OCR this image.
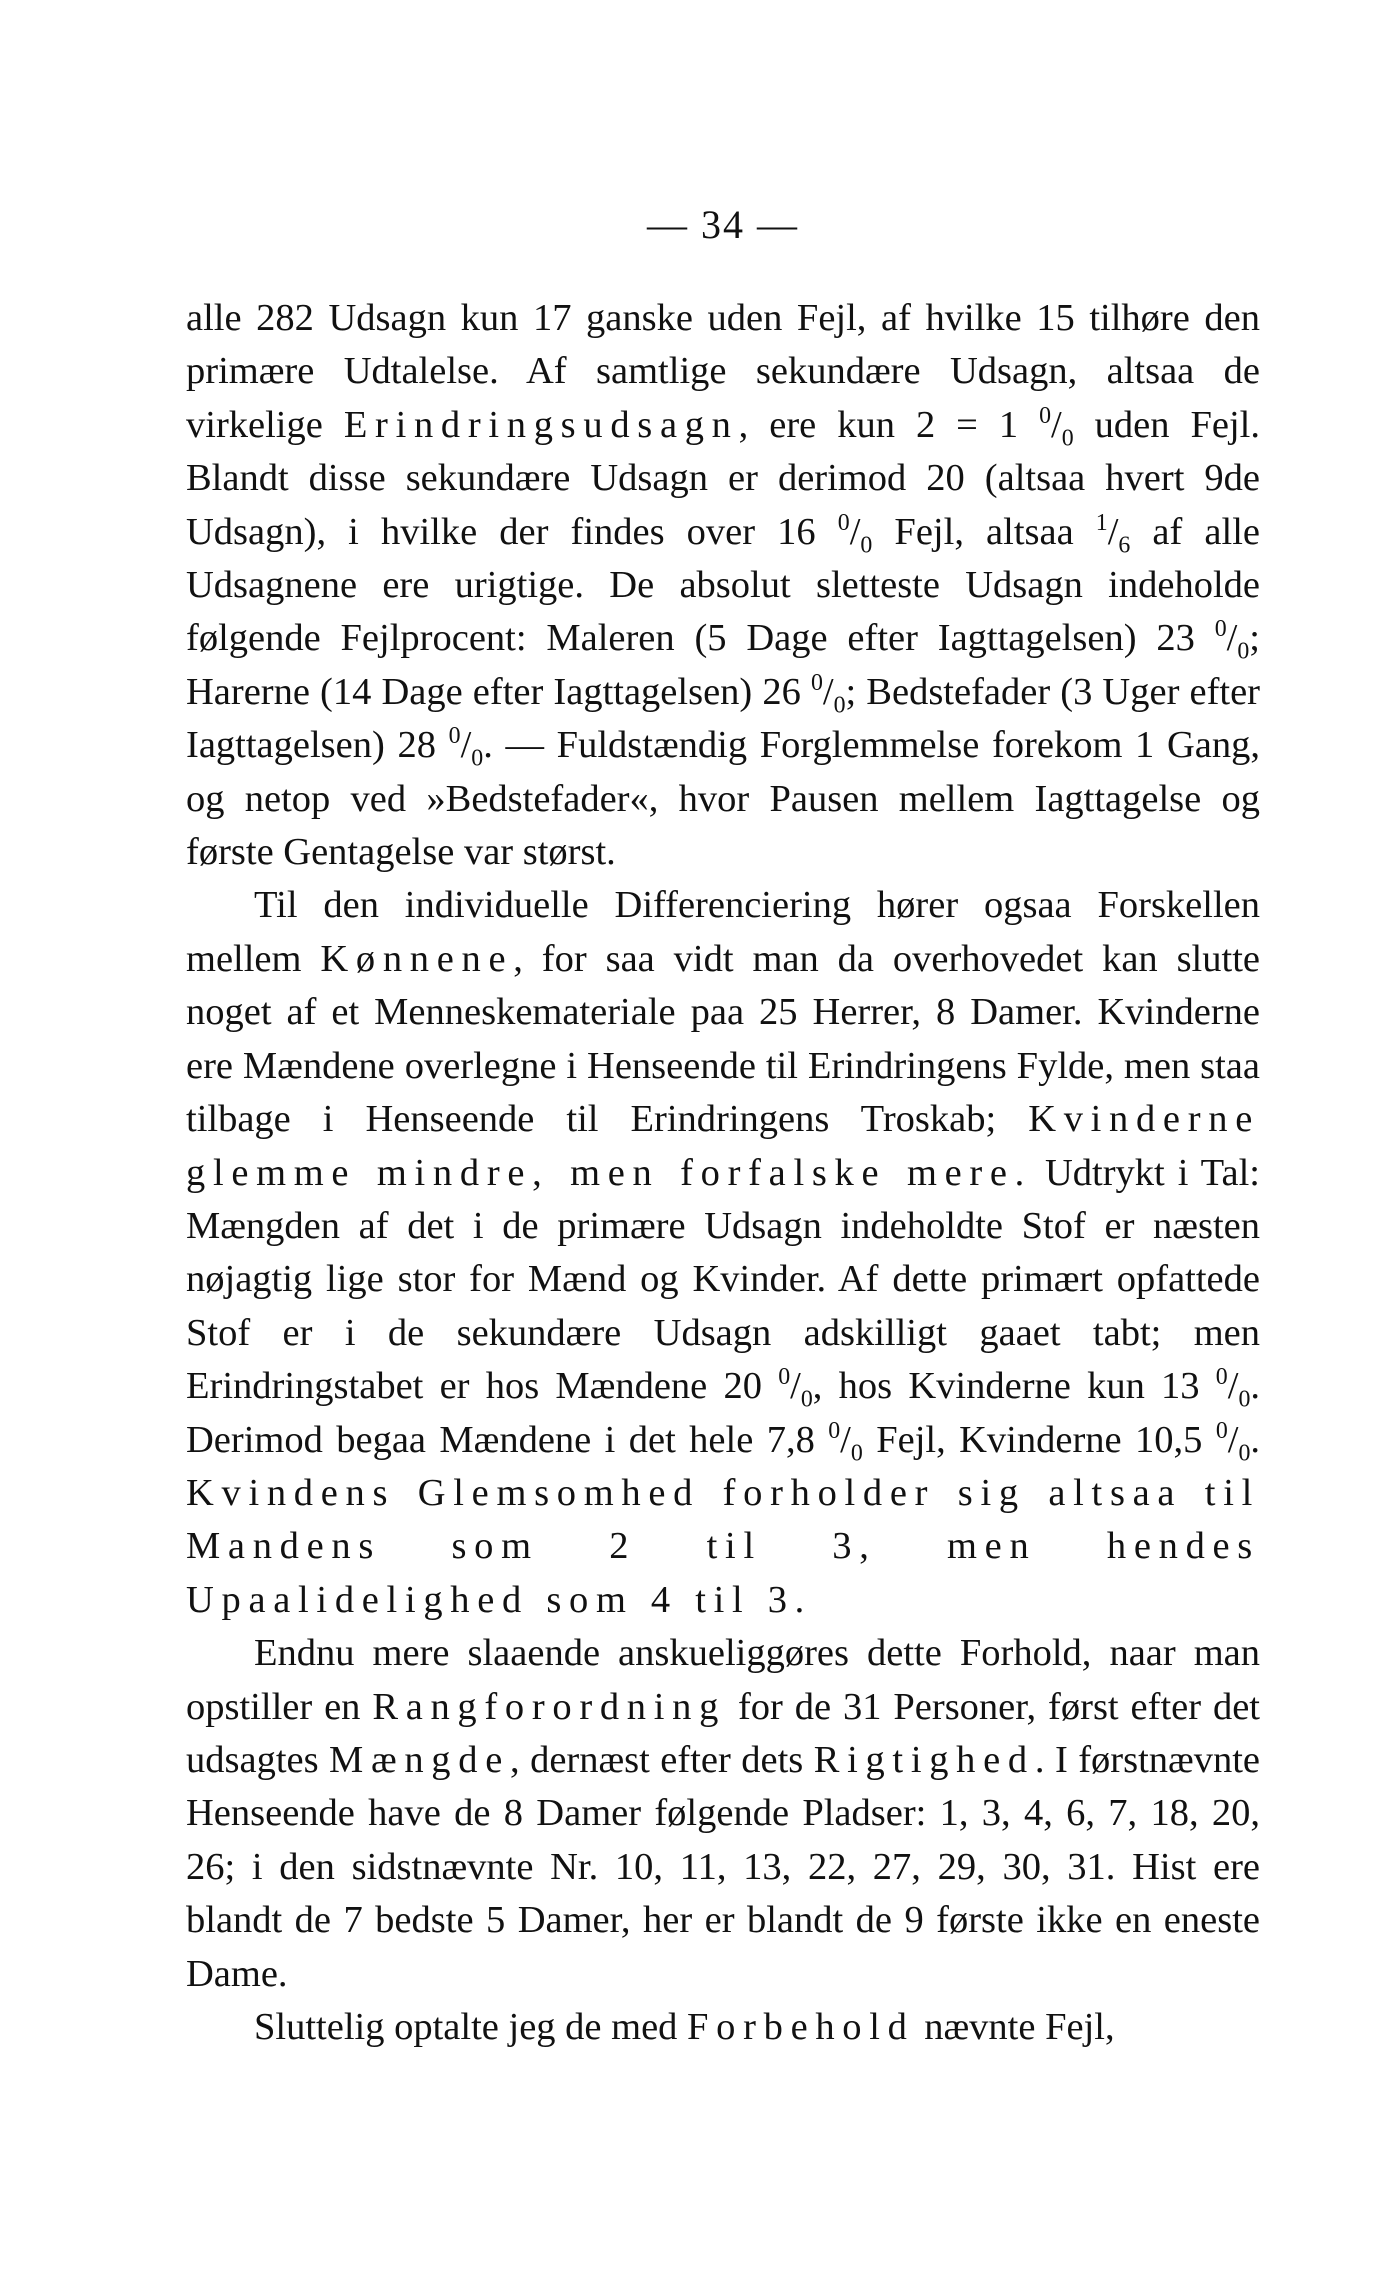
— 34 —

alle 282 Udsagn kun 17 ganske uden Fejl, af hvilke 15 tilhøre den primære Udtalelse. Af samtlige sekundære Udsagn, altsaa de virkelige Erindringsudsagn, ere kun 2 = 1 $^0/_0$ uden Fejl. Blandt disse sekundære Udsagn er derimod 20 (altsaa hvert 9de Udsagn), i hvilke der findes over 16 $^0/_0$ Fejl, altsaa $^1/_6$ af alle Udsagnene ere urigtige. De absolut sletteste Udsagn indeholde følgende Fejlprocent: Maleren (5 Dage efter Iagttagelsen) 23 $^0/_0$; Harerne (14 Dage efter Iagttagelsen) 26 $^0/_0$; Bedstefader (3 Uger efter Iagttagelsen) 28 $^0/_0$. — Fuldstændig Forglemmelse forekom 1 Gang, og netop ved »Bedstefader«, hvor Pausen mellem Iagttagelse og første Gentagelse var størst.

Til den individuelle Differenciering hører ogsaa Forskellen mellem Kønnene, for saa vidt man da overhovedet kan slutte noget af et Menneskemateriale paa 25 Herrer, 8 Damer. Kvinderne ere Mændene overlegne i Henseende til Erindringens Fylde, men staa tilbage i Henseende til Erindringens Troskab; Kvinderne glemme mindre, men forfalske mere. Udtrykt i Tal: Mængden af det i de primære Udsagn indeholdte Stof er næsten nøjagtig lige stor for Mænd og Kvinder. Af dette primært opfattede Stof er i de sekundære Udsagn adskilligt gaaet tabt; men Erindringstabet er hos Mændene 20 $^0/_0$, hos Kvinderne kun 13 $^0/_0$. Derimod begaa Mændene i det hele 7,8 $^0/_0$ Fejl, Kvinderne 10,5 $^0/_0$. Kvindens Glemsomhed forholder sig altsaa til Mandens som 2 til 3, men hendes Upaalidelighed som 4 til 3.

Endnu mere slaaende anskueliggøres dette Forhold, naar man opstiller en Rangforordning for de 31 Personer, først efter det udsagtes Mængde, dernæst efter dets Rigtighed. I førstnævnte Henseende have de 8 Damer følgende Pladser: 1, 3, 4, 6, 7, 18, 20, 26; i den sidstnævnte Nr. 10, 11, 13, 22, 27, 29, 30, 31. Hist ere blandt de 7 bedste 5 Damer, her er blandt de 9 første ikke en eneste Dame.

Sluttelig optalte jeg de med Forbehold nævnte Fejl,
